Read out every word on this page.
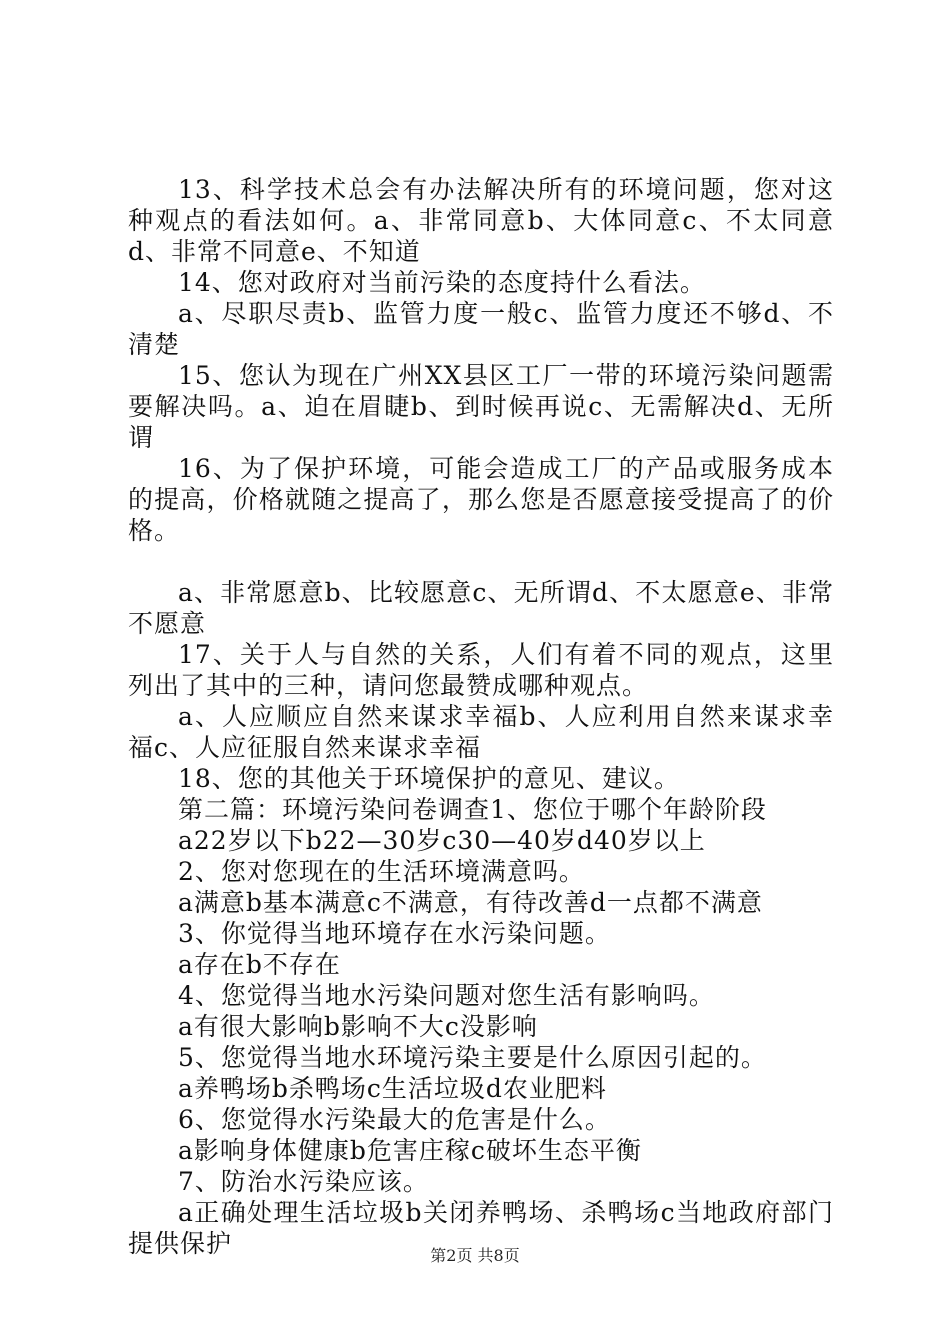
13、科学技术总会有办法解决所有的环境问题，您对这种观点的看法如何。a、非常同意b、大体同意c、不太同意d、非常不同意e、不知道

14、您对政府对当前污染的态度持什么看法。

a、尽职尽责b、监管力度一般c、监管力度还不够d、不清楚

15、您认为现在广州XX县区工厂一带的环境污染问题需要解决吗。a、迫在眉睫b、到时候再说c、无需解决d、无所谓

16、为了保护环境，可能会造成工厂的产品或服务成本的提高，价格就随之提高了，那么您是否愿意接受提高了的价格。

a、非常愿意b、比较愿意c、无所谓d、不太愿意e、非常不愿意

17、关于人与自然的关系，人们有着不同的观点，这里列出了其中的三种，请问您最赞成哪种观点。

a、人应顺应自然来谋求幸福b、人应利用自然来谋求幸福c、人应征服自然来谋求幸福

18、您的其他关于环境保护的意见、建议。

第二篇：环境污染问卷调查1、您位于哪个年龄阶段

a22岁以下b22—30岁c30—40岁d40岁以上

2、您对您现在的生活环境满意吗。

a满意b基本满意c不满意，有待改善d一点都不满意

3、你觉得当地环境存在水污染问题。

a存在b不存在

4、您觉得当地水污染问题对您生活有影响吗。

a有很大影响b影响不大c没影响

5、您觉得当地水环境污染主要是什么原因引起的。

a养鸭场b杀鸭场c生活垃圾d农业肥料

6、您觉得水污染最大的危害是什么。

a影响身体健康b危害庄稼c破坏生态平衡

7、防治水污染应该。

a正确处理生活垃圾b关闭养鸭场、杀鸭场c当地政府部门提供保护	第2页 共8页
